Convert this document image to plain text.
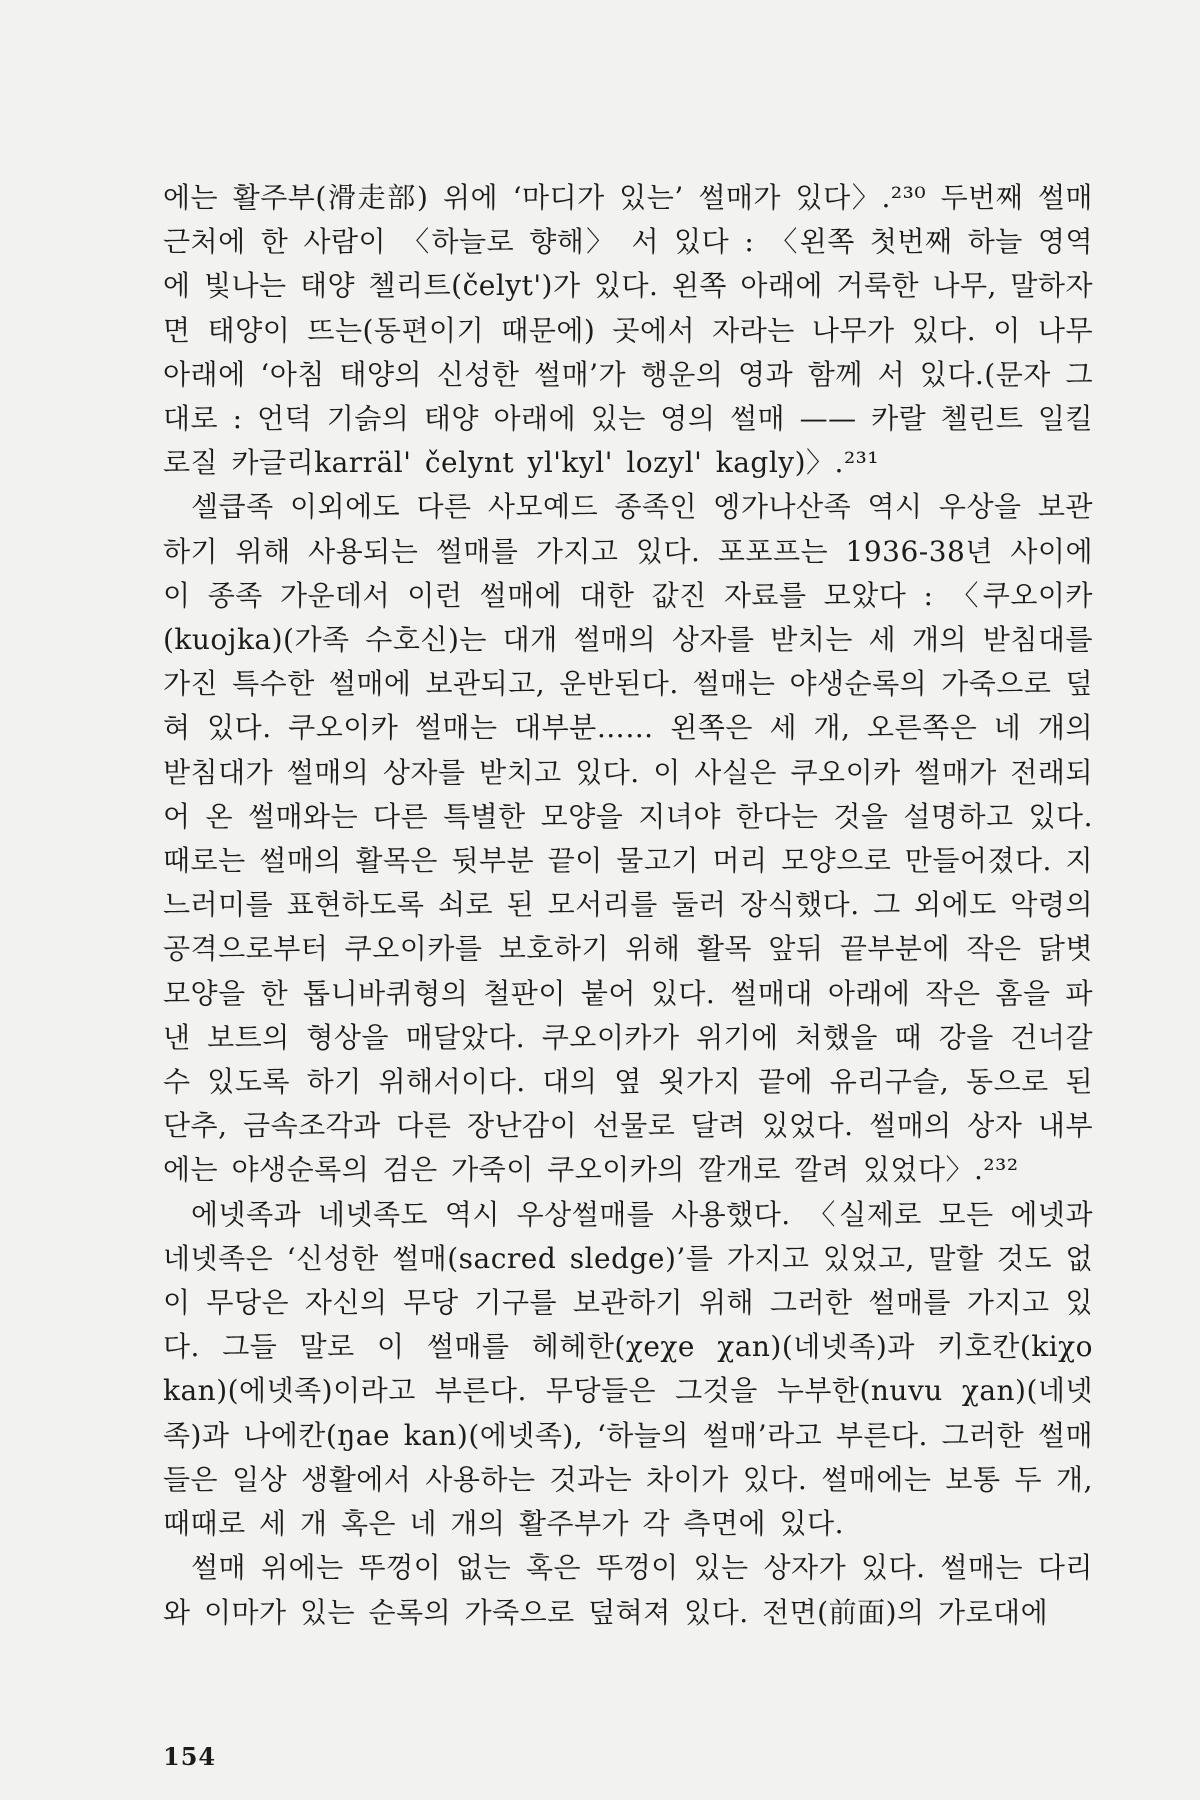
에는 활주부(滑走部) 위에 ‘마디가 있는’ 썰매가 있다〉.²³⁰ 두번째 썰매 근처에 한 사람이 〈하늘로 향해〉 서 있다 : 〈왼쪽 첫번째 하늘 영역에 빛나는 태양 첼리트(čelyt')가 있다. 왼쪽 아래에 거룩한 나무, 말하자면 태양이 뜨는(동편이기 때문에) 곳에서 자라는 나무가 있다. 이 나무 아래에 ‘아침 태양의 신성한 썰매’가 행운의 영과 함께 서 있다.(문자 그대로 : 언덕 기슭의 태양 아래에 있는 영의 썰매 —— 카랄 첼린트 일킬 로질 카글리karräl' čelynt yl'kyl' lozyl' kagly)〉.²³¹

셀큽족 이외에도 다른 사모예드 종족인 엥가나산족 역시 우상을 보관하기 위해 사용되는 썰매를 가지고 있다. 포포프는 1936-38년 사이에 이 종족 가운데서 이런 썰매에 대한 값진 자료를 모았다 : 〈쿠오이카(kuojka)(가족 수호신)는 대개 썰매의 상자를 받치는 세 개의 받침대를 가진 특수한 썰매에 보관되고, 운반된다. 썰매는 야생순록의 가죽으로 덮혀 있다. 쿠오이카 썰매는 대부분…… 왼쪽은 세 개, 오른쪽은 네 개의 받침대가 썰매의 상자를 받치고 있다. 이 사실은 쿠오이카 썰매가 전래되어 온 썰매와는 다른 특별한 모양을 지녀야 한다는 것을 설명하고 있다. 때로는 썰매의 활목은 뒷부분 끝이 물고기 머리 모양으로 만들어졌다. 지느러미를 표현하도록 쇠로 된 모서리를 둘러 장식했다. 그 외에도 악령의 공격으로부터 쿠오이카를 보호하기 위해 활목 앞뒤 끝부분에 작은 닭볏 모양을 한 톱니바퀴형의 철판이 붙어 있다. 썰매대 아래에 작은 홈을 파낸 보트의 형상을 매달았다. 쿠오이카가 위기에 처했을 때 강을 건너갈 수 있도록 하기 위해서이다. 대의 옆 욋가지 끝에 유리구슬, 동으로 된 단추, 금속조각과 다른 장난감이 선물로 달려 있었다. 썰매의 상자 내부에는 야생순록의 검은 가죽이 쿠오이카의 깔개로 깔려 있었다〉.²³²

에넷족과 네넷족도 역시 우상썰매를 사용했다. 〈실제로 모든 에넷과 네넷족은 ‘신성한 썰매(sacred sledge)’를 가지고 있었고, 말할 것도 없이 무당은 자신의 무당 기구를 보관하기 위해 그러한 썰매를 가지고 있다. 그들 말로 이 썰매를 헤헤한(χeχe χan)(네넷족)과 키호칸(kiχo kan)(에넷족)이라고 부른다. 무당들은 그것을 누부한(nuvu χan)(네넷족)과 나에칸(ŋae kan)(에넷족), ‘하늘의 썰매’라고 부른다. 그러한 썰매들은 일상 생활에서 사용하는 것과는 차이가 있다. 썰매에는 보통 두 개, 때때로 세 개 혹은 네 개의 활주부가 각 측면에 있다.

썰매 위에는 뚜껑이 없는 혹은 뚜껑이 있는 상자가 있다. 썰매는 다리와 이마가 있는 순록의 가죽으로 덮혀져 있다. 전면(前面)의 가로대에

154
